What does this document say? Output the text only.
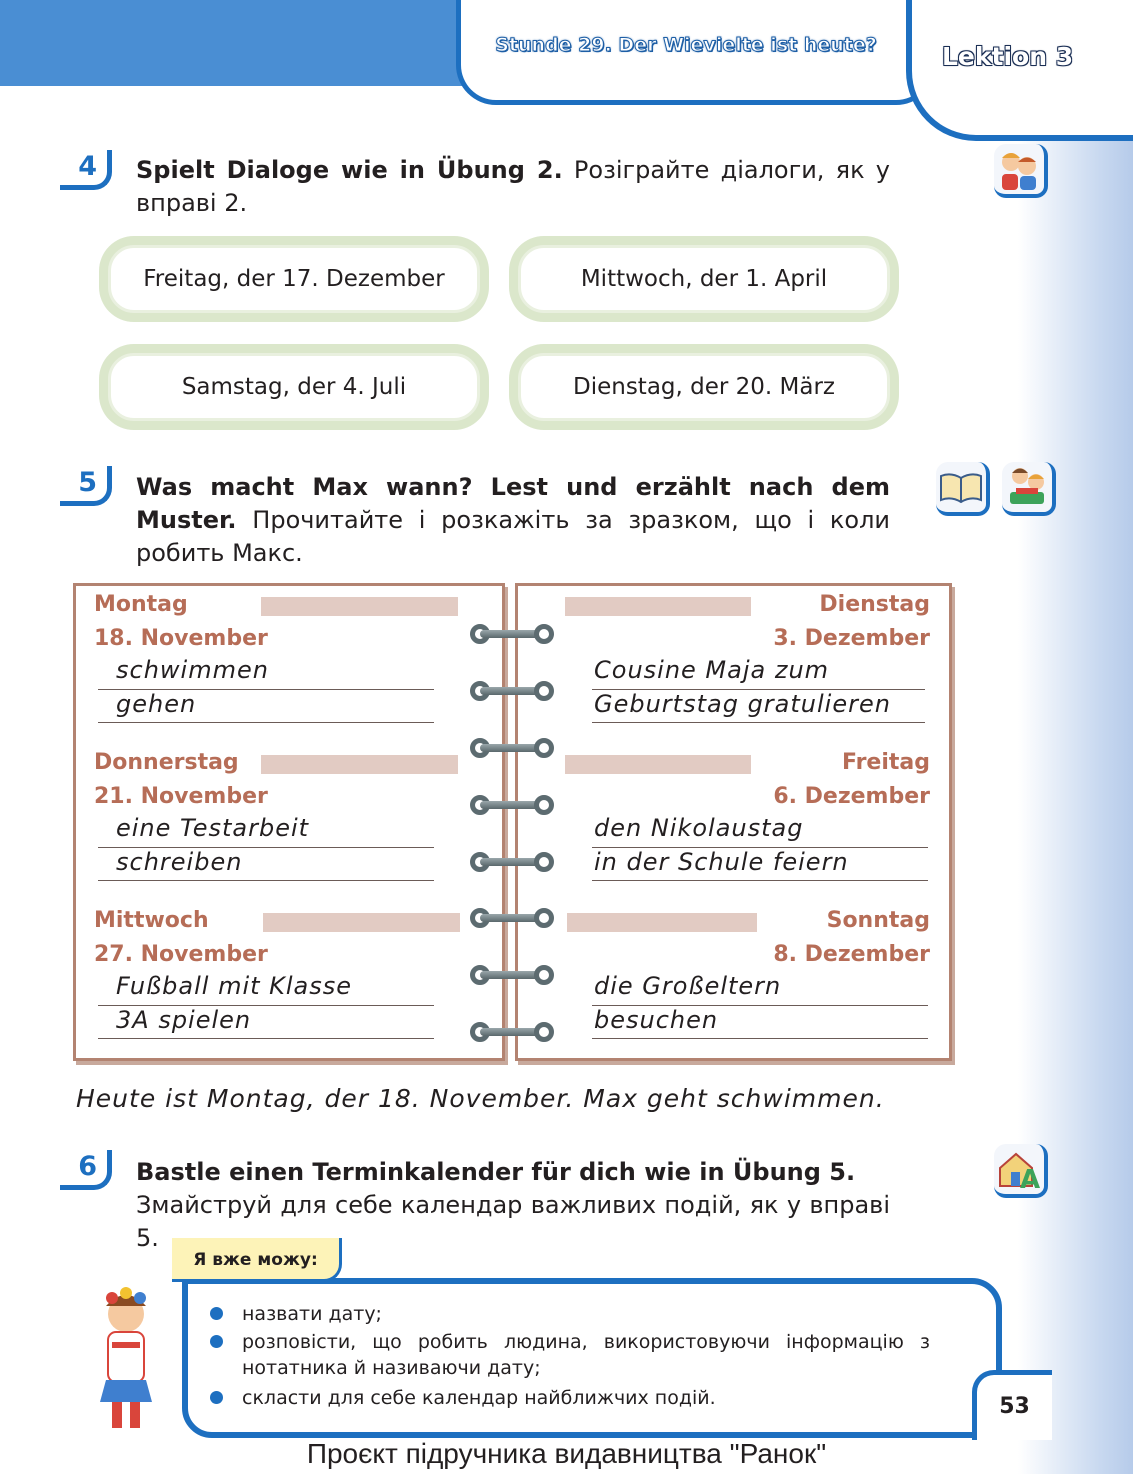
Stunde 29. Der Wievielte ist heute?	Lektion 3
4	Spielt Dialoge wie in Übung 2. Розіграйте діалоги, як у вправі 2.
Freitag, der 17. Dezember	Mittwoch, der 1. April
Samstag, der 4. Juli	Dienstag, der 20. März
5	Was macht Max wann? Lest und erzählt nach dem Muster. Прочитайте і розкажіть за зразком, що і коли робить Макс.
Montag
18. November
schwimmen
gehen
Donnerstag
21. November
eine Testarbeit
schreiben
Mittwoch
27. November
Fußball mit Klasse
3A spielen
Dienstag
3. Dezember
Cousine Maja zum
Geburtstag gratulieren
Freitag
6. Dezember
den Nikolaustag
in der Schule feiern
Sonntag
8. Dezember
die Großeltern
besuchen
Heute ist Montag, der 18. November. Max geht schwimmen.
6	Bastle einen Terminkalender für dich wie in Übung 5.
Змайструй для себе календар важливих подій, як у вправі 5.
A
Я вже можу:
назвати дату;
розповісти, що робить людина, використовуючи інформацію з нотатника й називаючи дату;
скласти для себе календар найближчих подій.	53
Проєкт підручника видавництва "Ранок"
